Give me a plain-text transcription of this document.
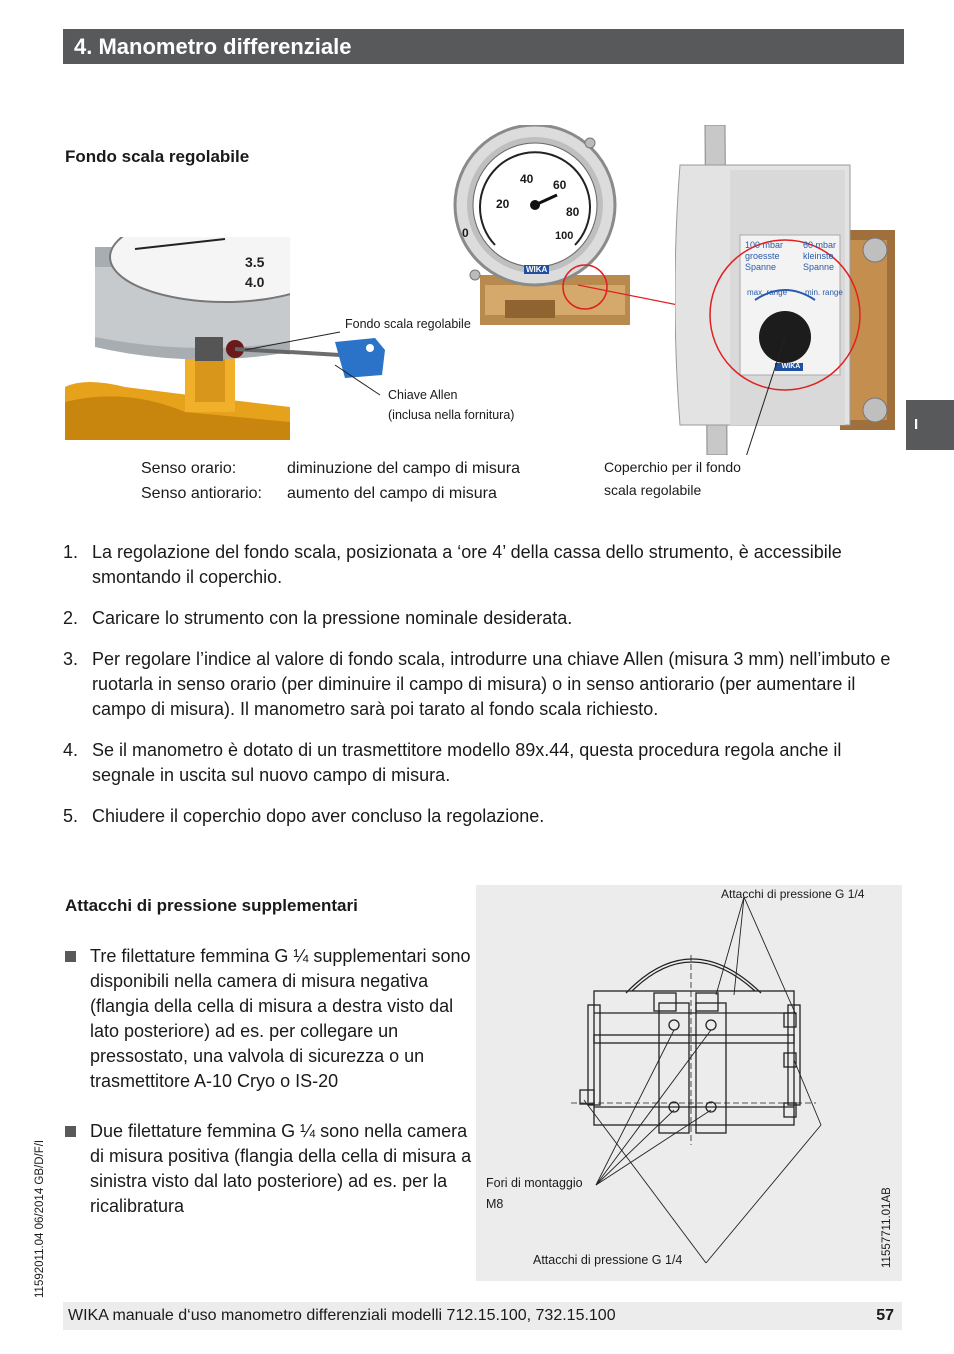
4. Manometro differenziale
I
Fondo scala regolabile
3.5
4.0
Fondo scala regolabile
Chiave Allen
(inclusa nella fornitura)
0
20
40 60
80
100
WIKA
100 mbar
groesste
Spanne
60 mbar
kleinste
Spanne
max. range min. range
WIKA
Coperchio per il fondo
scala regolabile
Senso orario:	diminuzione del campo di misura
Senso antiorario: aumento del campo di misura
1. La regolazione del fondo scala, posizionata a ‘ore 4’ della cassa dello strumento, è accessibile smontando il coperchio.
2. Caricare lo strumento con la pressione nominale desiderata.
3. Per regolare l’indice al valore di fondo scala, introdurre una chiave Allen (misura 3 mm) nell’imbuto e ruotarla in senso orario (per diminuire il campo di misura) o in senso antiorario (per aumentare il campo di misura). Il manometro sarà poi tarato al fondo scala richiesto.
4. Se il manometro è dotato di un trasmettitore modello 89x.44, questa procedura regola anche il segnale in uscita sul nuovo campo di misura.
5. Chiudere il coperchio dopo aver concluso la regolazione.
Attacchi di pressione supplementari
Tre filettature femmina G ¼ supplementari sono disponibili nella camera di misura negativa (flangia della cella di misura a destra visto dal lato posteriore) ad es. per collegare un pressostato, una valvola di sicurezza o un trasmettitore A-10 Cryo o IS-20
Due filettature femmina G ¼ sono nella camera di misura positiva (flangia della cella di misura a sinistra visto dal lato posteriore) ad es. per la ricalibratura
Attacchi di pressione G 1/4
Fori di montaggio
M8
Attacchi di pressione G 1/4	11557711.01AB
11592011.04 06/2014 GB/D/F/I
WIKA manuale d‘uso manometro differenziali modelli 712.15.100, 732.15.100	57
